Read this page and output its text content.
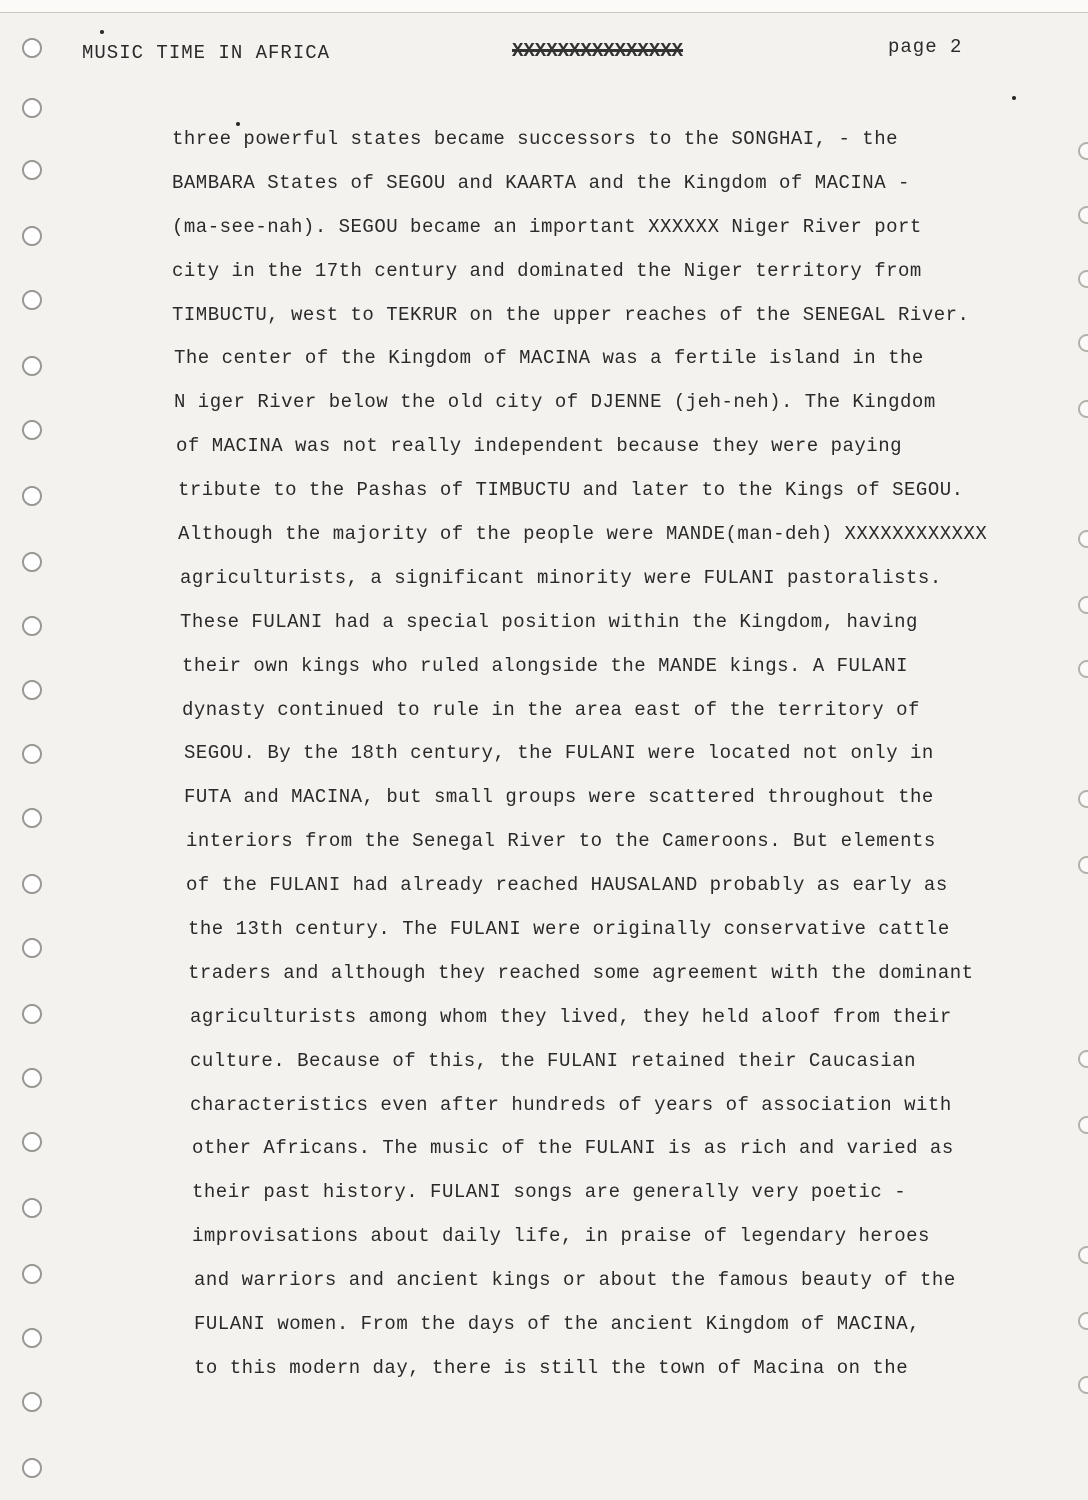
MUSIC TIME IN AFRICA	XXXXXXXXXXXXXXX	page 2
three powerful states became successors to the SONGHAI, - the
BAMBARA States of SEGOU and KAARTA and the Kingdom of MACINA -
(ma-see-nah). SEGOU became an important XXXXXX Niger River port
city in the 17th century and dominated the Niger territory from
TIMBUCTU, west to TEKRUR on the upper reaches of the SENEGAL River.
The center of the Kingdom of MACINA was a fertile island in the
N iger River below the old city of DJENNE (jeh-neh). The Kingdom
of MACINA was not really independent because they were paying
tribute to the Pashas of TIMBUCTU and later to the Kings of SEGOU.
Although the majority of the people were MANDE(man-deh) XXXXXXXXXXXX
agriculturists, a significant minority were FULANI pastoralists.
These FULANI had a special position within the Kingdom, having
their own kings who ruled alongside the MANDE kings. A FULANI
dynasty continued to rule in the area east of the territory of
SEGOU. By the 18th century, the FULANI were located not only in
FUTA and MACINA, but small groups were scattered throughout the
interiors from the Senegal River to the Cameroons. But elements
of the FULANI had already reached HAUSALAND probably as early as
the 13th century. The FULANI were originally conservative cattle
traders and although they reached some agreement with the dominant
agriculturists among whom they lived, they held aloof from their
culture. Because of this, the FULANI retained their Caucasian
characteristics even after hundreds of years of association with
other Africans. The music of the FULANI is as rich and varied as
their past history. FULANI songs are generally very poetic -
improvisations about daily life, in praise of legendary heroes
and warriors and ancient kings or about the famous beauty of the
FULANI women. From the days of the ancient Kingdom of MACINA,
to this modern day, there is still the town of Macina on the
